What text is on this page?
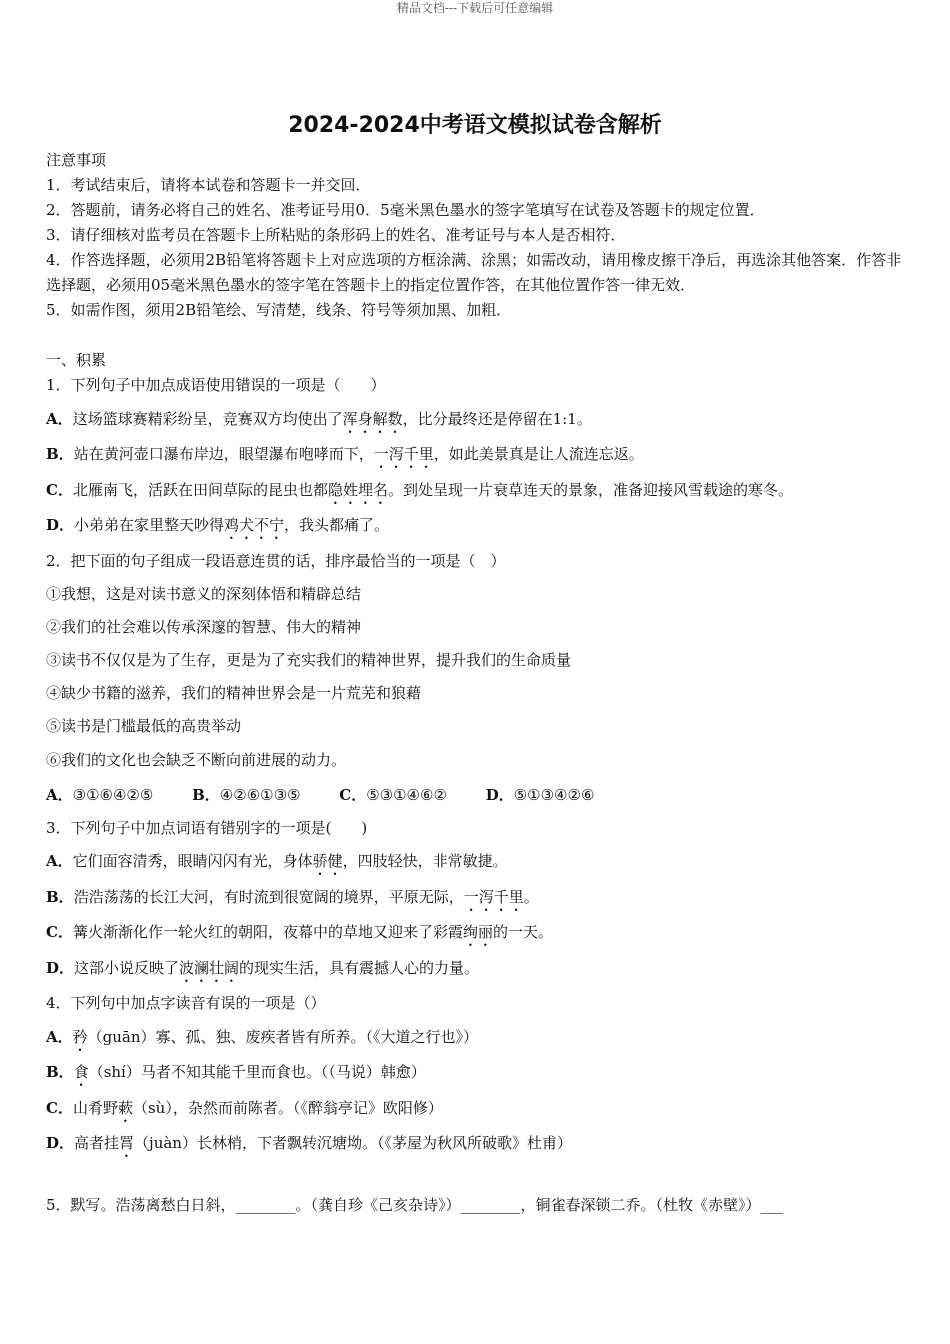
精品文档---下载后可任意编辑
2024-2024中考语文模拟试卷含解析
注意事项
1．考试结束后，请将本试卷和答题卡一并交回．
2．答题前，请务必将自己的姓名、准考证号用0．5毫米黑色墨水的签字笔填写在试卷及答题卡的规定位置．
3．请仔细核对监考员在答题卡上所粘贴的条形码上的姓名、准考证号与本人是否相符．
4．作答选择题，必须用2B铅笔将答题卡上对应选项的方框涂满、涂黑；如需改动，请用橡皮擦干净后，再选涂其他答案．作答非选择题，必须用05毫米黑色墨水的签字笔在答题卡上的指定位置作答，在其他位置作答一律无效．
5．如需作图，须用2B铅笔绘、写清楚，线条、符号等须加黑、加粗．
一、积累
1．下列句子中加点成语使用错误的一项是（　　）
A．这场篮球赛精彩纷呈，竞赛双方均使出了浑身解数，比分最终还是停留在1:1。
B．站在黄河壶口瀑布岸边，眼望瀑布咆哮而下，一泻千里，如此美景真是让人流连忘返。
C．北雁南飞，活跃在田间草际的昆虫也都隐姓埋名。到处呈现一片衰草连天的景象，准备迎接风雪载途的寒冬。
D．小弟弟在家里整天吵得鸡犬不宁，我头都痛了。
2．把下面的句子组成一段语意连贯的话，排序最恰当的一项是（　）
①我想，这是对读书意义的深刻体悟和精辟总结
②我们的社会难以传承深邃的智慧、伟大的精神
③读书不仅仅是为了生存，更是为了充实我们的精神世界，提升我们的生命质量
④缺少书籍的滋养，我们的精神世界会是一片荒芜和狼藉
⑤读书是门槛最低的高贵举动
⑥我们的文化也会缺乏不断向前进展的动力。
A．③①⑥④②⑤	B．④②⑥①③⑤	C．⑤③①④⑥②	D．⑤①③④②⑥
3．下列句子中加点词语有错别字的一项是(　　)
A．它们面容清秀，眼睛闪闪有光，身体骄健，四肢轻快，非常敏捷。
B．浩浩荡荡的长江大河，有时流到很宽阔的境界，平原无际，一泻千里。
C．篝火渐渐化作一轮火红的朝阳，夜幕中的草地又迎来了彩霞绚丽的一天。
D．这部小说反映了波澜壮阔的现实生活，具有震撼人心的力量。
4．下列句中加点字读音有误的一项是（）
A．矜（guān）寡、孤、独、废疾者皆有所养。（《大道之行也》）
B．食（shí）马者不知其能千里而食也。（（马说）韩愈）
C．山肴野蔌（sù），杂然而前陈者。（《醉翁亭记》欧阳修）
D．高者挂罥（juàn）长林梢，下者飘转沉塘坳。（《茅屋为秋风所破歌》杜甫）
5．默写。浩荡离愁白日斜，________。（龚自珍《己亥杂诗》）________，铜雀春深锁二乔。（杜牧《赤壁》）___
